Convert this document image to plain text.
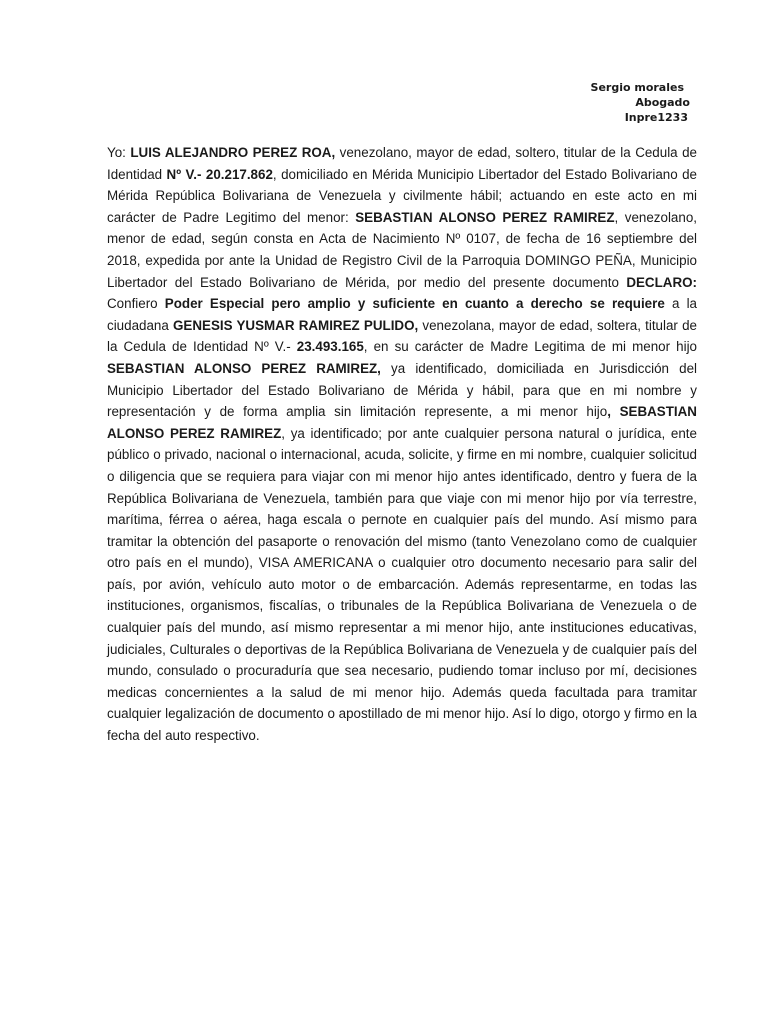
Sergio morales
Abogado
Inpre1233

Yo: LUIS ALEJANDRO PEREZ ROA, venezolano, mayor de edad, soltero, titular de la Cedula de Identidad Nº V.- 20.217.862, domiciliado en Mérida Municipio Libertador del Estado Bolivariano de Mérida República Bolivariana de Venezuela y civilmente hábil; actuando en este acto en mi carácter de Padre Legitimo del menor: SEBASTIAN ALONSO PEREZ RAMIREZ, venezolano, menor de edad, según consta en Acta de Nacimiento Nº 0107, de fecha de 16 septiembre del 2018, expedida por ante la Unidad de Registro Civil de la Parroquia DOMINGO PEÑA, Municipio Libertador del Estado Bolivariano de Mérida, por medio del presente documento DECLARO: Confiero Poder Especial pero amplio y suficiente en cuanto a derecho se requiere a la ciudadana GENESIS YUSMAR RAMIREZ PULIDO, venezolana, mayor de edad, soltera, titular de la Cedula de Identidad Nº V.- 23.493.165, en su carácter de Madre Legitima de mi menor hijo SEBASTIAN ALONSO PEREZ RAMIREZ, ya identificado, domiciliada en Jurisdicción del Municipio Libertador del Estado Bolivariano de Mérida y hábil, para que en mi nombre y representación y de forma amplia sin limitación represente, a mi menor hijo, SEBASTIAN ALONSO PEREZ RAMIREZ, ya identificado; por ante cualquier persona natural o jurídica, ente público o privado, nacional o internacional, acuda, solicite, y firme en mi nombre, cualquier solicitud o diligencia que se requiera para viajar con mi menor hijo antes identificado, dentro y fuera de la República Bolivariana de Venezuela, también para que viaje con mi menor hijo por vía terrestre, marítima, férrea o aérea, haga escala o pernote en cualquier país del mundo. Así mismo para tramitar la obtención del pasaporte o renovación del mismo (tanto Venezolano como de cualquier otro país en el mundo), VISA AMERICANA o cualquier otro documento necesario para salir del país, por avión, vehículo auto motor o de embarcación. Además representarme, en todas las instituciones, organismos, fiscalías, o tribunales de la República Bolivariana de Venezuela o de cualquier país del mundo, así mismo representar a mi menor hijo, ante instituciones educativas, judiciales, Culturales o deportivas de la República Bolivariana de Venezuela y de cualquier país del mundo, consulado o procuraduría que sea necesario, pudiendo tomar incluso por mí, decisiones medicas concernientes a la salud de mi menor hijo. Además queda facultada para tramitar cualquier legalización de documento o apostillado de mi menor hijo. Así lo digo, otorgo y firmo en la fecha del auto respectivo.
